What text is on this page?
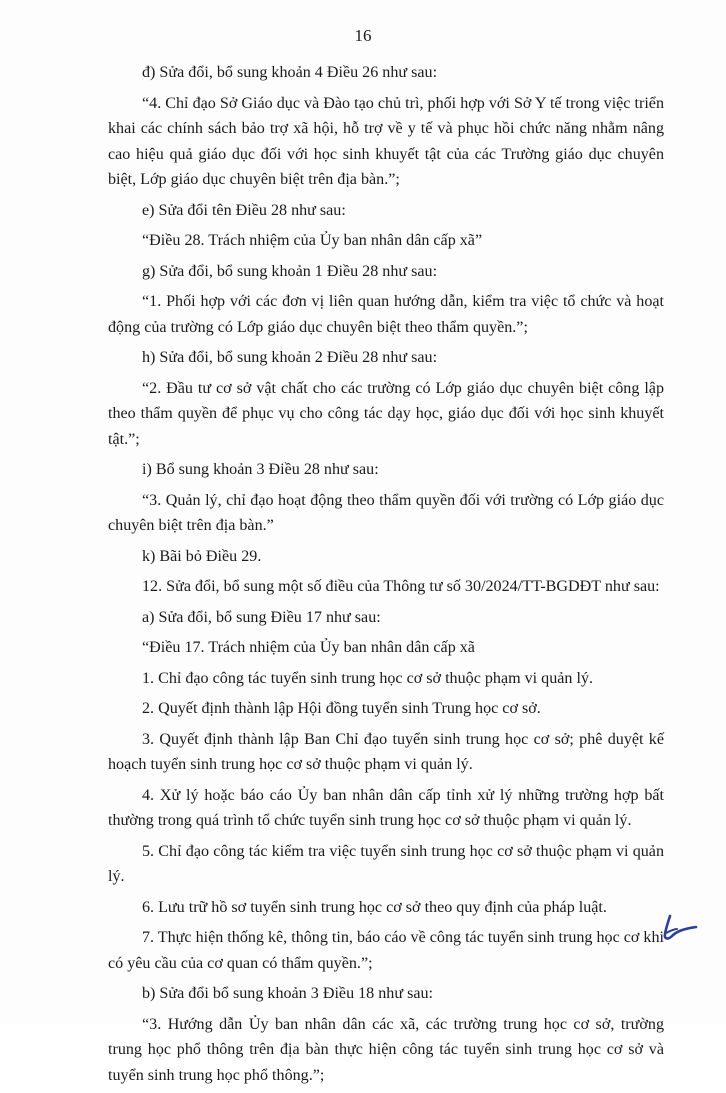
16

đ) Sửa đổi, bổ sung khoản 4 Điều 26 như sau:

“4. Chỉ đạo Sở Giáo dục và Đào tạo chủ trì, phối hợp với Sở Y tế trong việc triển khai các chính sách bảo trợ xã hội, hỗ trợ về y tế và phục hồi chức năng nhằm nâng cao hiệu quả giáo dục đối với học sinh khuyết tật của các Trường giáo dục chuyên biệt, Lớp giáo dục chuyên biệt trên địa bàn.”;

e) Sửa đổi tên Điều 28 như sau:

“Điều 28. Trách nhiệm của Ủy ban nhân dân cấp xã”

g) Sửa đổi, bổ sung khoản 1 Điều 28 như sau:

“1. Phối hợp với các đơn vị liên quan hướng dẫn, kiểm tra việc tổ chức và hoạt động của trường có Lớp giáo dục chuyên biệt theo thẩm quyền.”;

h) Sửa đổi, bổ sung khoản 2 Điều 28 như sau:

“2. Đầu tư cơ sở vật chất cho các trường có Lớp giáo dục chuyên biệt công lập theo thẩm quyền để phục vụ cho công tác dạy học, giáo dục đối với học sinh khuyết tật.”;

i) Bổ sung khoản 3 Điều 28 như sau:

“3. Quản lý, chỉ đạo hoạt động theo thẩm quyền đối với trường có Lớp giáo dục chuyên biệt trên địa bàn.”

k) Bãi bỏ Điều 29.

12. Sửa đổi, bổ sung một số điều của Thông tư số 30/2024/TT-BGDĐT như sau:

a) Sửa đổi, bổ sung Điều 17 như sau:

“Điều 17. Trách nhiệm của Ủy ban nhân dân cấp xã

1. Chỉ đạo công tác tuyển sinh trung học cơ sở thuộc phạm vi quản lý.

2. Quyết định thành lập Hội đồng tuyển sinh Trung học cơ sở.

3. Quyết định thành lập Ban Chỉ đạo tuyển sinh trung học cơ sở; phê duyệt kế hoạch tuyển sinh trung học cơ sở thuộc phạm vi quản lý.

4. Xử lý hoặc báo cáo Ủy ban nhân dân cấp tỉnh xử lý những trường hợp bất thường trong quá trình tổ chức tuyển sinh trung học cơ sở thuộc phạm vi quản lý.

5. Chỉ đạo công tác kiểm tra việc tuyển sinh trung học cơ sở thuộc phạm vi quản lý.

6. Lưu trữ hồ sơ tuyển sinh trung học cơ sở theo quy định của pháp luật.

7. Thực hiện thống kê, thông tin, báo cáo về công tác tuyển sinh trung học cơ khi có yêu cầu của cơ quan có thẩm quyền.”;

b) Sửa đổi bổ sung khoản 3 Điều 18 như sau:

“3. Hướng dẫn Ủy ban nhân dân các xã, các trường trung học cơ sở, trường trung học phổ thông trên địa bàn thực hiện công tác tuyển sinh trung học cơ sở và tuyển sinh trung học phổ thông.”;
